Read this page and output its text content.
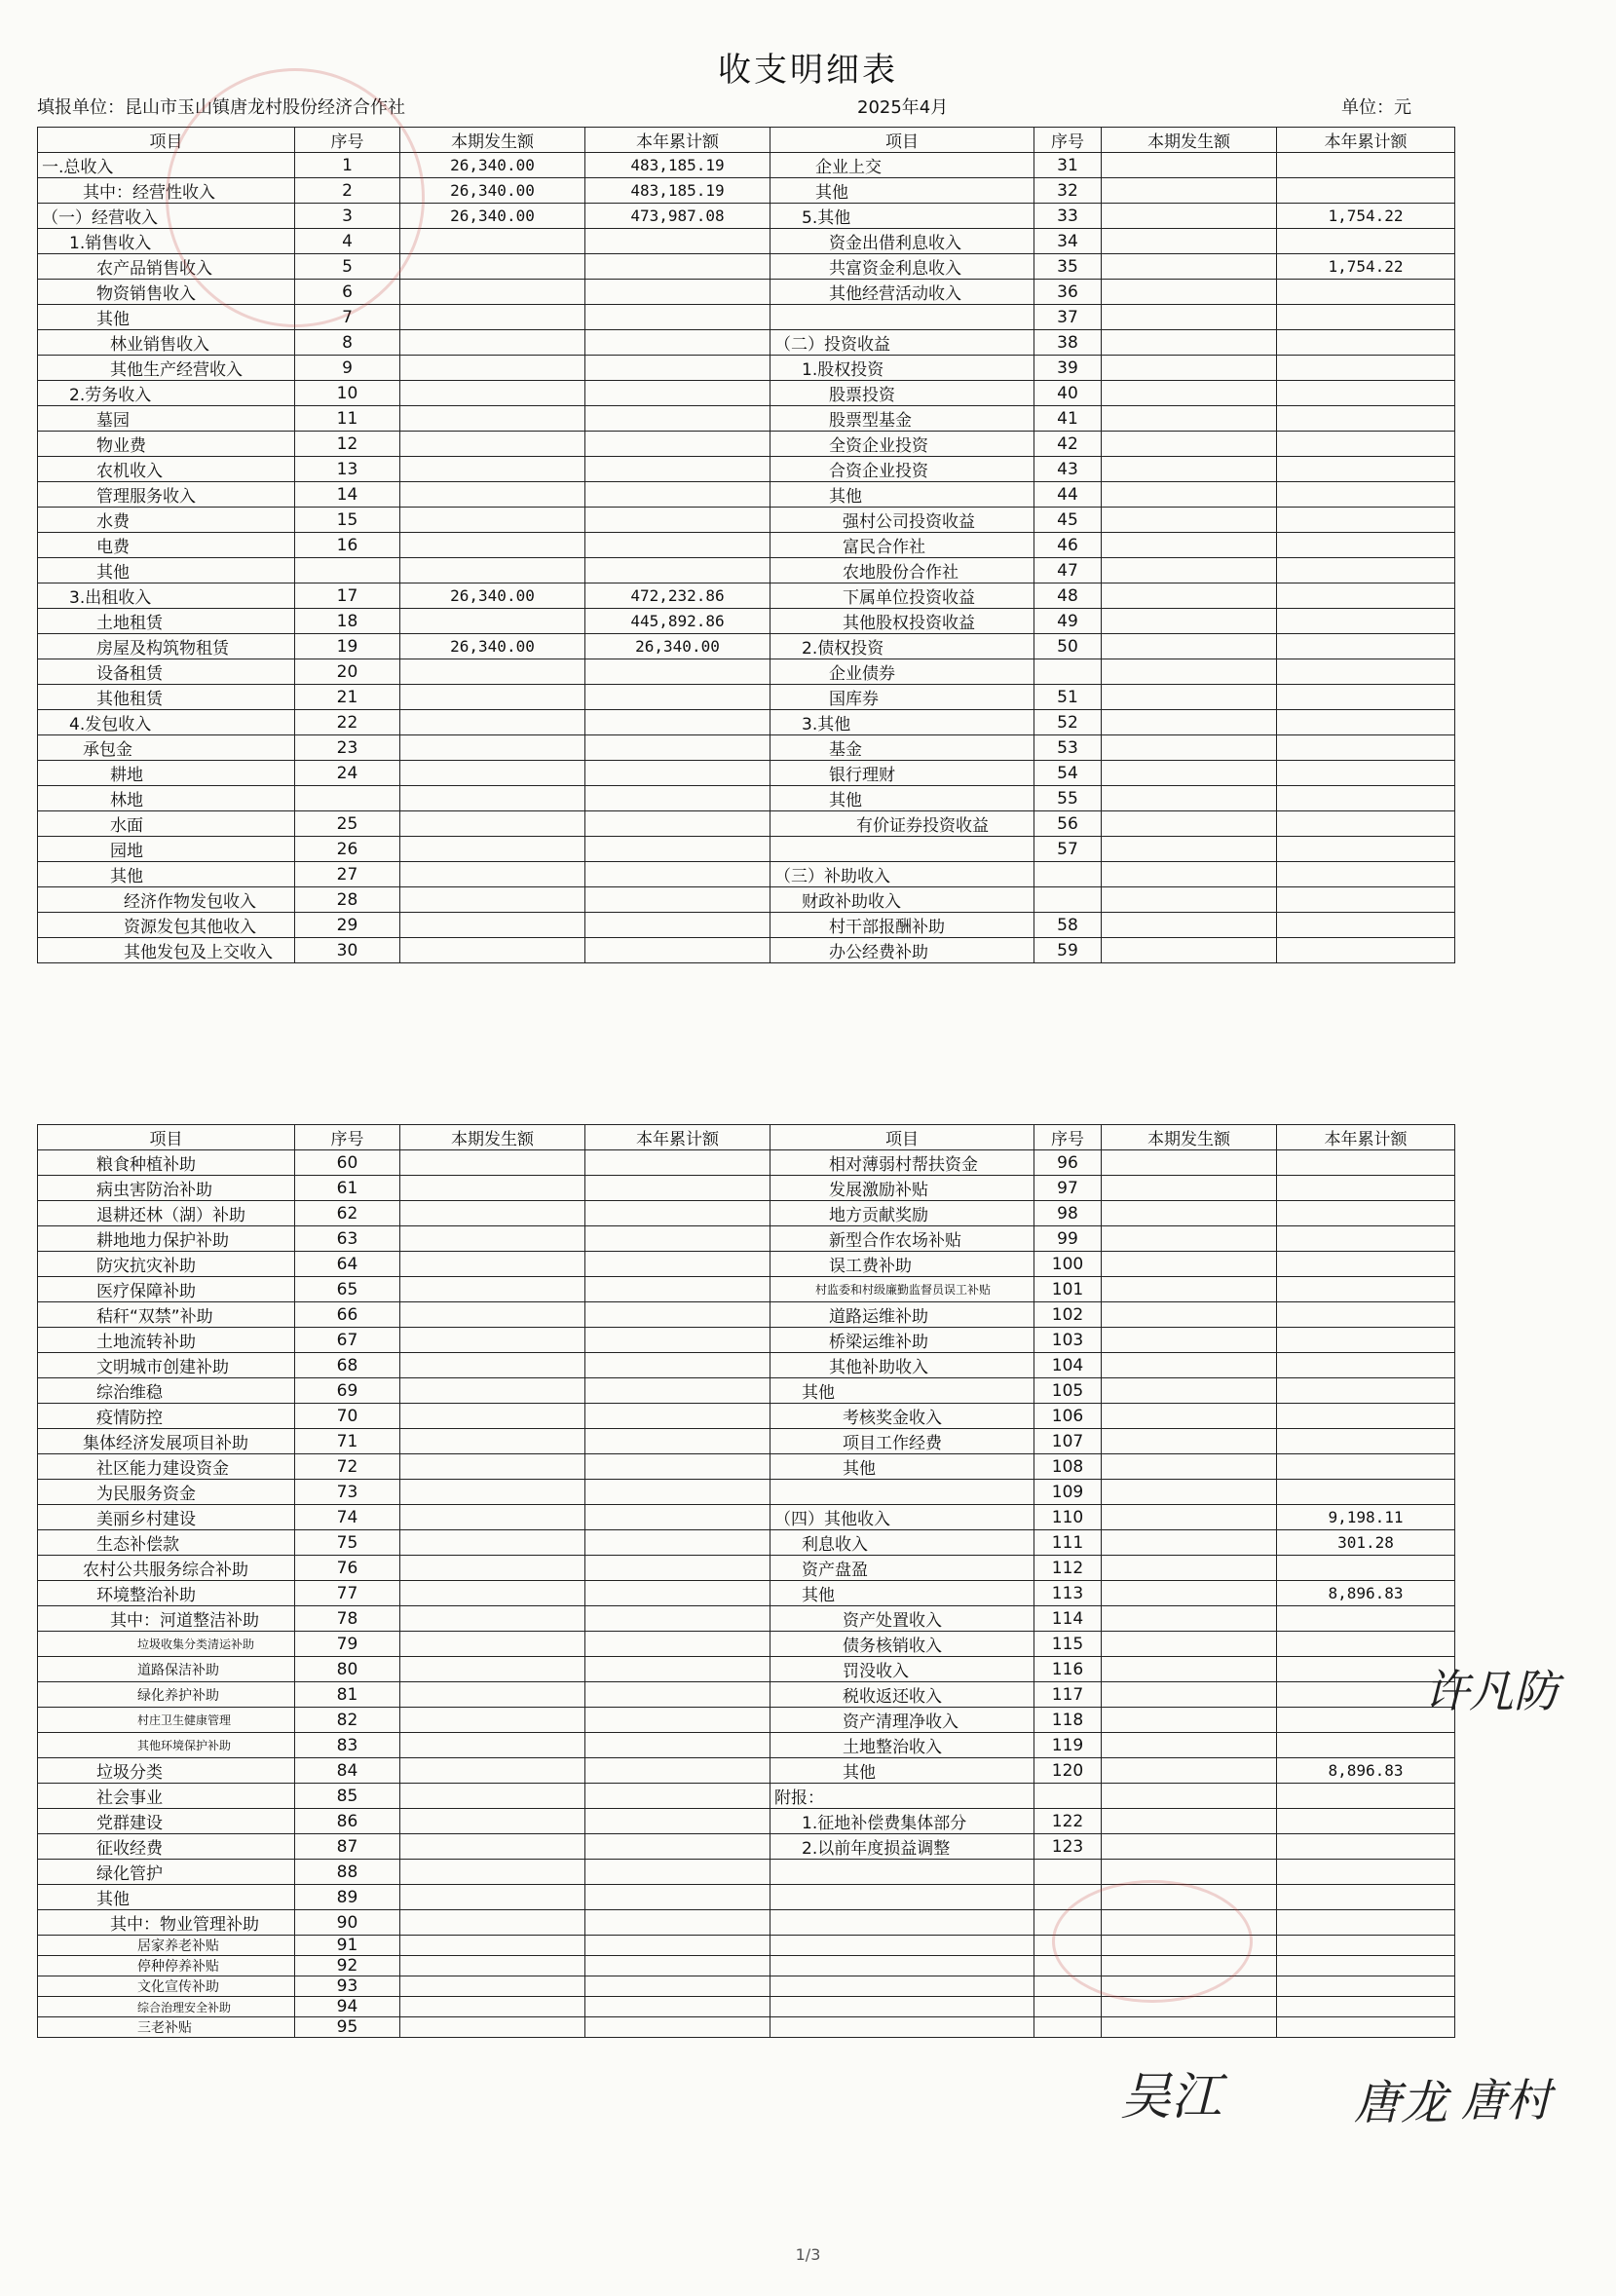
收支明细表
填报单位：昆山市玉山镇唐龙村股份经济合作社	2025年4月	单位：元
项目	序号	本期发生额	本年累计额	项目	序号	本期发生额	本年累计额
一.总收入	1	26,340.00	483,185.19	企业上交	31		
其中：经营性收入	2	26,340.00	483,185.19	其他	32		
（一）经营收入	3	26,340.00	473,987.08	5.其他	33		1,754.22
1.销售收入	4			资金出借利息收入	34		
农产品销售收入	5			共富资金利息收入	35		1,754.22
物资销售收入	6			其他经营活动收入	36		
其他	7				37		
林业销售收入	8			（二）投资收益	38		
其他生产经营收入	9			1.股权投资	39		
2.劳务收入	10			股票投资	40		
墓园	11			股票型基金	41		
物业费	12			全资企业投资	42		
农机收入	13			合资企业投资	43		
管理服务收入	14			其他	44		
水费	15			强村公司投资收益	45		
电费	16			富民合作社	46		
其他				农地股份合作社	47		
3.出租收入	17	26,340.00	472,232.86	下属单位投资收益	48		
土地租赁	18		445,892.86	其他股权投资收益	49		
房屋及构筑物租赁	19	26,340.00	26,340.00	2.债权投资	50		
设备租赁	20			企业债券			
其他租赁	21			国库券	51		
4.发包收入	22			3.其他	52		
承包金	23			基金	53		
耕地	24			银行理财	54		
林地				其他	55		
水面	25			有价证券投资收益	56		
园地	26				57		
其他	27			（三）补助收入			
经济作物发包收入	28			财政补助收入			
资源发包其他收入	29			村干部报酬补助	58		
其他发包及上交收入	30			办公经费补助	59		
项目	序号	本期发生额	本年累计额	项目	序号	本期发生额	本年累计额
粮食种植补助	60			相对薄弱村帮扶资金	96		
病虫害防治补助	61			发展激励补贴	97		
退耕还林（湖）补助	62			地方贡献奖励	98		
耕地地力保护补助	63			新型合作农场补贴	99		
防灾抗灾补助	64			误工费补助	100		
医疗保障补助	65			村监委和村级廉勤监督员误工补贴	101		
秸秆“双禁”补助	66			道路运维补助	102		
土地流转补助	67			桥梁运维补助	103		
文明城市创建补助	68			其他补助收入	104		
综治维稳	69			其他	105		
疫情防控	70			考核奖金收入	106		
集体经济发展项目补助	71			项目工作经费	107		
社区能力建设资金	72			其他	108		
为民服务资金	73				109		
美丽乡村建设	74			（四）其他收入	110		9,198.11
生态补偿款	75			利息收入	111		301.28
农村公共服务综合补助	76			资产盘盈	112		
环境整治补助	77			其他	113		8,896.83
其中：河道整洁补助	78			资产处置收入	114		
垃圾收集分类清运补助	79			债务核销收入	115		
道路保洁补助	80			罚没收入	116		
绿化养护补助	81			税收返还收入	117		
村庄卫生健康管理	82			资产清理净收入	118		
其他环境保护补助	83			土地整治收入	119		
垃圾分类	84			其他	120		8,896.83
社会事业	85			附报：			
党群建设	86			1.征地补偿费集体部分	122		
征收经费	87			2.以前年度损益调整	123		
绿化管护	88						
其他	89						
其中：物业管理补助	90						
居家养老补贴	91						
停种停养补贴	92						
文化宣传补助	93						
综合治理安全补助	94						
三老补贴	95						
许凡防
吴江	唐龙 唐村
1/3
